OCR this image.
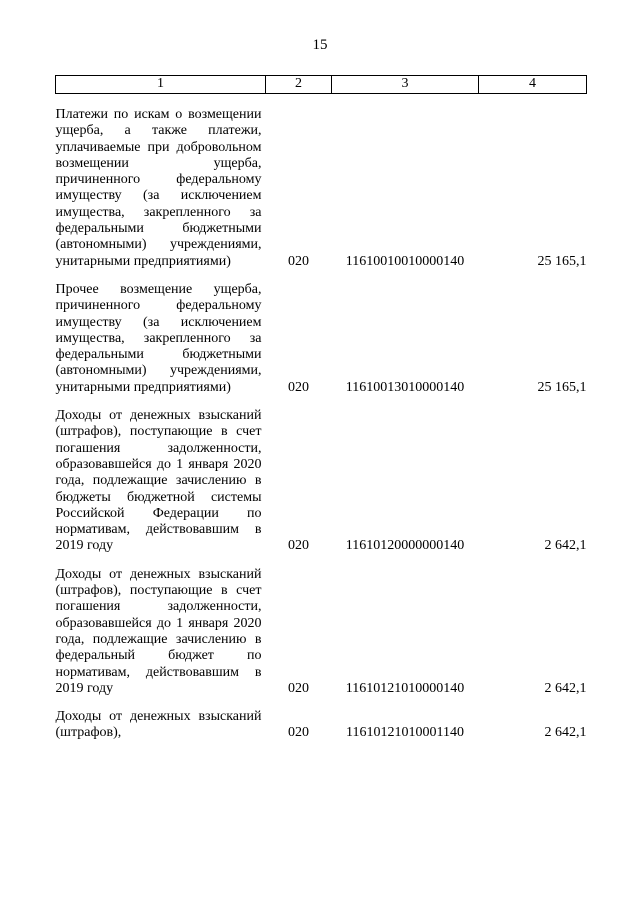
15
1	2	3	4
Платежи по искам о возмещении ущерба, а также платежи, уплачиваемые при добровольном возмещении ущерба, причиненного федеральному имуществу (за исключением имущества, закрепленного за федеральными бюджетными (автономными) учреждениями, унитарными предприятиями)	020	11610010010000140	25 165,1
Прочее возмещение ущерба, причиненного федеральному имуществу (за исключением имущества, закрепленного за федеральными бюджетными (автономными) учреждениями, унитарными предприятиями)	020	11610013010000140	25 165,1
Доходы от денежных взысканий (штрафов), поступающие в счет погашения задолженности, образовавшейся до 1 января 2020 года, подлежащие зачислению в бюджеты бюджетной системы Российской Федерации по нормативам, действовавшим в 2019 году	020	11610120000000140	2 642,1
Доходы от денежных взысканий (штрафов), поступающие в счет погашения задолженности, образовавшейся до 1 января 2020 года, подлежащие зачислению в федеральный бюджет по нормативам, действовавшим в 2019 году	020	11610121010000140	2 642,1
Доходы от денежных взысканий (штрафов),	020	11610121010001140	2 642,1
